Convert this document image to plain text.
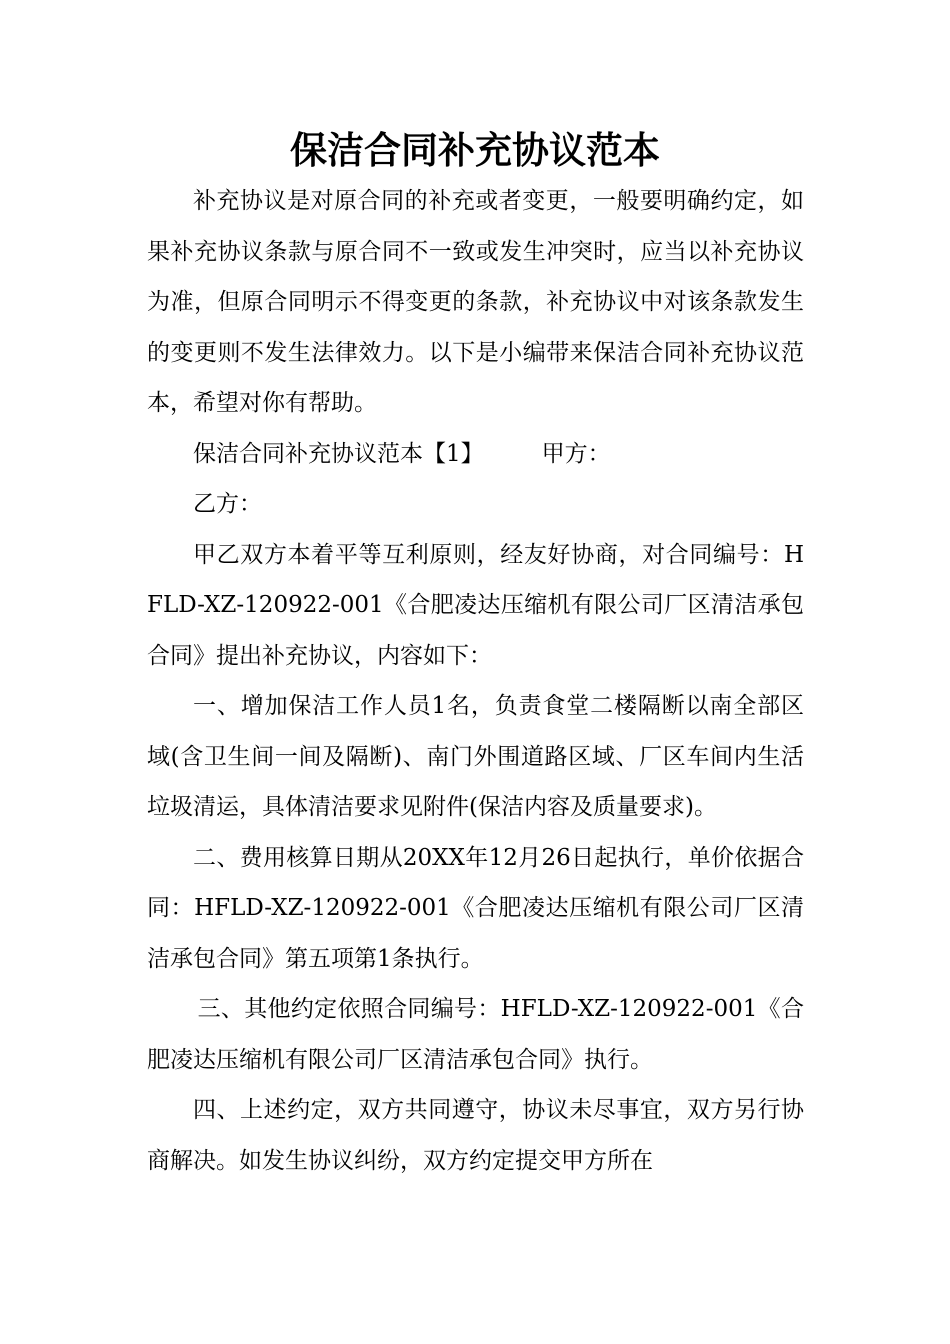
保洁合同补充协议范本

补充协议是对原合同的补充或者变更，一般要明确约定，如果补充协议条款与原合同不一致或发生冲突时，应当以补充协议为准，但原合同明示不得变更的条款，补充协议中对该条款发生的变更则不发生法律效力。以下是小编带来保洁合同补充协议范本，希望对你有帮助。

保洁合同补充协议范本【1】	甲方：

乙方：

甲乙双方本着平等互利原则，经友好协商，对合同编号：HFLD-XZ-120922-001《合肥凌达压缩机有限公司厂区清洁承包合同》提出补充协议，内容如下：

一、增加保洁工作人员1名，负责食堂二楼隔断以南全部区域(含卫生间一间及隔断)、南门外围道路区域、厂区车间内生活垃圾清运，具体清洁要求见附件(保洁内容及质量要求)。

二、费用核算日期从20XX年12月26日起执行，单价依据合同：HFLD-XZ-120922-001《合肥凌达压缩机有限公司厂区清洁承包合同》第五项第1条执行。

三、其他约定依照合同编号：HFLD-XZ-120922-001《合肥凌达压缩机有限公司厂区清洁承包合同》执行。

四、上述约定，双方共同遵守，协议未尽事宜，双方另行协商解决。如发生协议纠纷，双方约定提交甲方所在
